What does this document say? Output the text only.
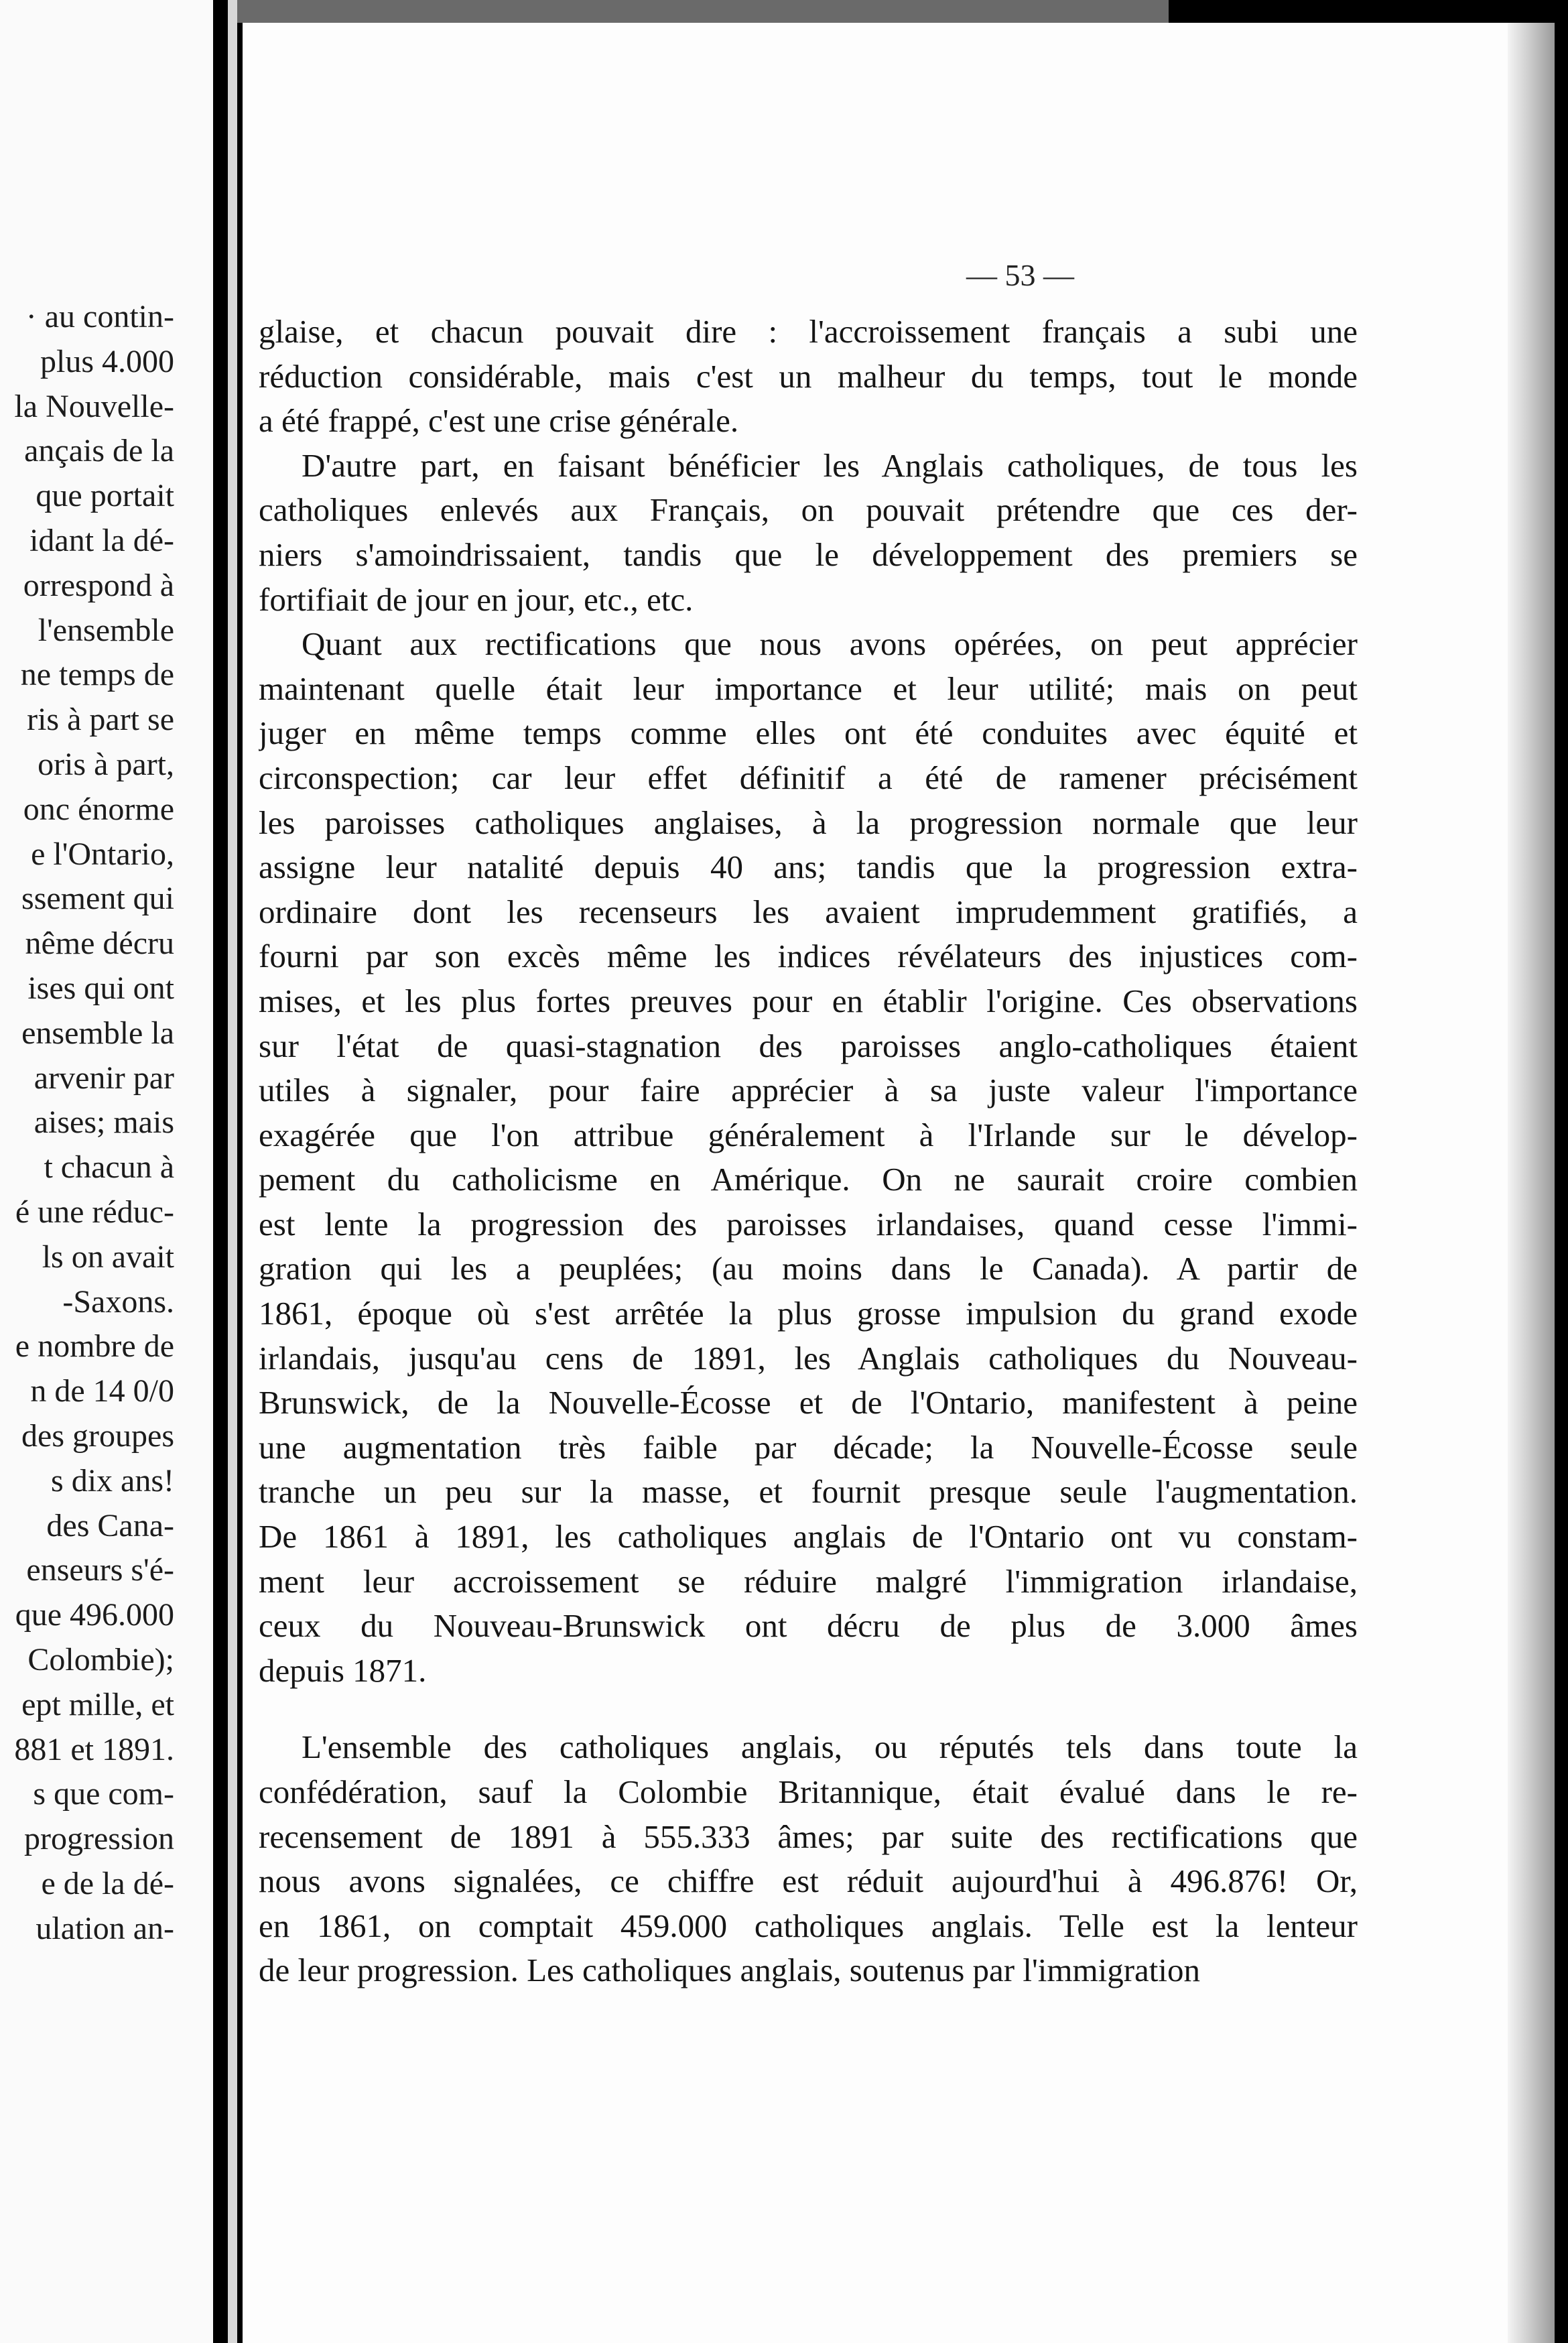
· au contin-
plus 4.000
la Nouvelle-
ançais de la
que portait
idant la dé-
orrespond à
l'ensemble
ne temps de
ris à part se
oris à part,
onc énorme
e l'Ontario,
ssement qui
nême décru
ises qui ont
ensemble la
arvenir par
aises; mais
t chacun à
é une réduc-
ls on avait
-Saxons.
e nombre de
n de 14 0/0
des groupes
s dix ans!
des Cana-
enseurs s'é-
que 496.000
Colombie);
ept mille, et
881 et 1891.
s que com-
progression
e de la dé-
ulation an-
— 53 —
glaise, et chacun pouvait dire : l'accroissement français a subi une
réduction considérable, mais c'est un malheur du temps, tout le monde
a été frappé, c'est une crise générale.
D'autre part, en faisant bénéficier les Anglais catholiques, de tous les
catholiques enlevés aux Français, on pouvait prétendre que ces der-
niers s'amoindrissaient, tandis que le développement des premiers se
fortifiait de jour en jour, etc., etc.
Quant aux rectifications que nous avons opérées, on peut apprécier
maintenant quelle était leur importance et leur utilité; mais on peut
juger en même temps comme elles ont été conduites avec équité et
circonspection; car leur effet définitif a été de ramener précisément
les paroisses catholiques anglaises, à la progression normale que leur
assigne leur natalité depuis 40 ans; tandis que la progression extra-
ordinaire dont les recenseurs les avaient imprudemment gratifiés, a
fourni par son excès même les indices révélateurs des injustices com-
mises, et les plus fortes preuves pour en établir l'origine. Ces observations
sur l'état de quasi-stagnation des paroisses anglo-catholiques étaient
utiles à signaler, pour faire apprécier à sa juste valeur l'importance
exagérée que l'on attribue généralement à l'Irlande sur le dévelop-
pement du catholicisme en Amérique. On ne saurait croire combien
est lente la progression des paroisses irlandaises, quand cesse l'immi-
gration qui les a peuplées; (au moins dans le Canada). A partir de
1861, époque où s'est arrêtée la plus grosse impulsion du grand exode
irlandais, jusqu'au cens de 1891, les Anglais catholiques du Nouveau-
Brunswick, de la Nouvelle-Écosse et de l'Ontario, manifestent à peine
une augmentation très faible par décade; la Nouvelle-Écosse seule
tranche un peu sur la masse, et fournit presque seule l'augmentation.
De 1861 à 1891, les catholiques anglais de l'Ontario ont vu constam-
ment leur accroissement se réduire malgré l'immigration irlandaise,
ceux du Nouveau-Brunswick ont décru de plus de 3.000 âmes
depuis 1871.
L'ensemble des catholiques anglais, ou réputés tels dans toute la
confédération, sauf la Colombie Britannique, était évalué dans le re-
recensement de 1891 à 555.333 âmes; par suite des rectifications que
nous avons signalées, ce chiffre est réduit aujourd'hui à 496.876! Or,
en 1861, on comptait 459.000 catholiques anglais. Telle est la lenteur
de leur progression. Les catholiques anglais, soutenus par l'immigration
